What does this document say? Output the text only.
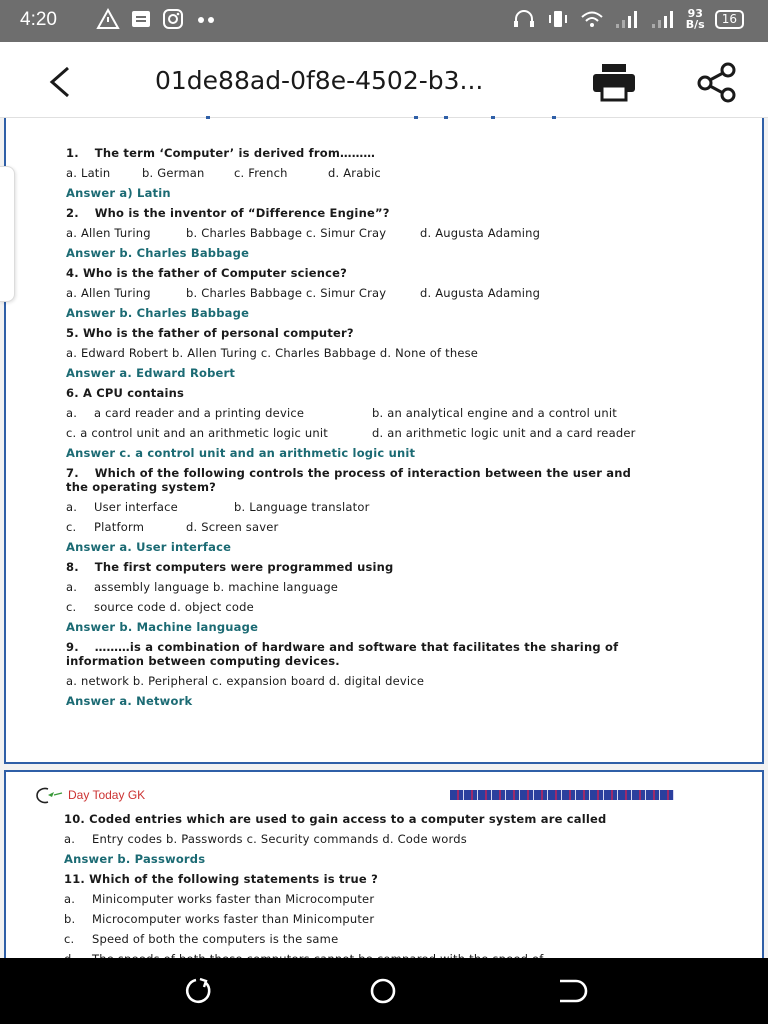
4:20	93
B/s	16
01de88ad-0f8e-4502-b3...
1. The term ‘Computer’ is derived from………
a. Latin	b. German	c. French	d. Arabic
Answer a) Latin
2. Who is the inventor of “Difference Engine”?
a. Allen Turing	b. Charles Babbage c. Simur Cray	d. Augusta Adaming
Answer b. Charles Babbage
4. Who is the father of Computer science?
a. Allen Turing	b. Charles Babbage c. Simur Cray	d. Augusta Adaming
Answer b. Charles Babbage
5. Who is the father of personal computer?
a. Edward Robert b. Allen Turing c. Charles Babbage d. None of these
Answer a. Edward Robert
6. A CPU contains
a. a card reader and a printing device	b. an analytical engine and a control unit
c. a control unit and an arithmetic logic unit	d. an arithmetic logic unit and a card reader
Answer c. a control unit and an arithmetic logic unit
7. Which of the following controls the process of interaction between the user and
the operating system?
a. User interface	b. Language translator
c. Platform	d. Screen saver
Answer a. User interface
8. The first computers were programmed using
a. assembly language b. machine language
c. source code d. object code
Answer b. Machine language
9. ………is a combination of hardware and software that facilitates the sharing of
information between computing devices.
a. network b. Peripheral c. expansion board d. digital device
Answer a. Network
Day Today GK
10. Coded entries which are used to gain access to a computer system are called
a. Entry codes b. Passwords c. Security commands d. Code words
Answer b. Passwords
11. Which of the following statements is true ?
a. Minicomputer works faster than Microcomputer
b. Microcomputer works faster than Minicomputer
c. Speed of both the computers is the same
